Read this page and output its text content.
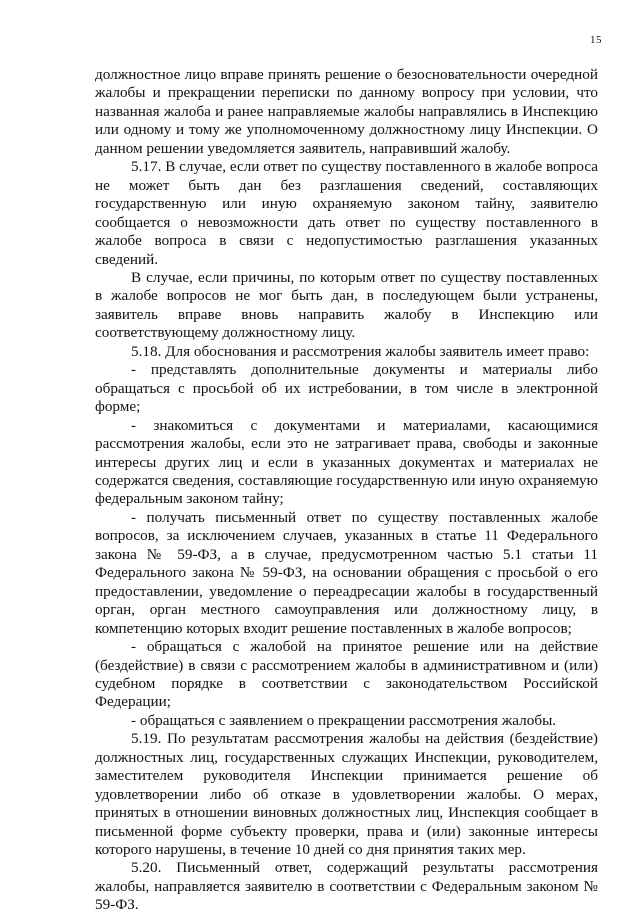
15

должностное лицо вправе принять решение о безосновательности очередной жалобы и прекращении переписки по данному вопросу при условии, что названная жалоба и ранее направляемые жалобы направлялись в Инспекцию или одному и тому же уполномоченному должностному лицу Инспекции. О данном решении уведомляется заявитель, направивший жалобу.

5.17. В случае, если ответ по существу поставленного в жалобе вопроса не может быть дан без разглашения сведений, составляющих государственную или иную охраняемую законом тайну, заявителю сообщается о невозможности дать ответ по существу поставленного в жалобе вопроса в связи с недопустимостью разглашения указанных сведений.

В случае, если причины, по которым ответ по существу поставленных в жалобе вопросов не мог быть дан, в последующем были устранены, заявитель вправе вновь направить жалобу в Инспекцию или соответствующему должностному лицу.

5.18. Для обоснования и рассмотрения жалобы заявитель имеет право:

- представлять дополнительные документы и материалы либо обращаться с просьбой об их истребовании, в том числе в электронной форме;

- знакомиться с документами и материалами, касающимися рассмотрения жалобы, если это не затрагивает права, свободы и законные интересы других лиц и если в указанных документах и материалах не содержатся сведения, составляющие государственную или иную охраняемую федеральным законом тайну;

- получать письменный ответ по существу поставленных жалобе вопросов, за исключением случаев, указанных в статье 11 Федерального закона № 59-ФЗ, а в случае, предусмотренном частью 5.1 статьи 11 Федерального закона № 59-ФЗ, на основании обращения с просьбой о его предоставлении, уведомление о переадресации жалобы в государственный орган, орган местного самоуправления или должностному лицу, в компетенцию которых входит решение поставленных в жалобе вопросов;

- обращаться с жалобой на принятое решение или на действие (бездействие) в связи с рассмотрением жалобы в административном и (или) судебном порядке в соответствии с законодательством Российской Федерации;

- обращаться с заявлением о прекращении рассмотрения жалобы.

5.19. По результатам рассмотрения жалобы на действия (бездействие) должностных лиц, государственных служащих Инспекции, руководителем, заместителем руководителя Инспекции принимается решение об удовлетворении либо об отказе в удовлетворении жалобы. О мерах, принятых в отношении виновных должностных лиц, Инспекция сообщает в письменной форме субъекту проверки, права и (или) законные интересы которого нарушены, в течение 10 дней со дня принятия таких мер.

5.20. Письменный ответ, содержащий результаты рассмотрения жалобы, направляется заявителю в соответствии с Федеральным законом № 59-ФЗ.
